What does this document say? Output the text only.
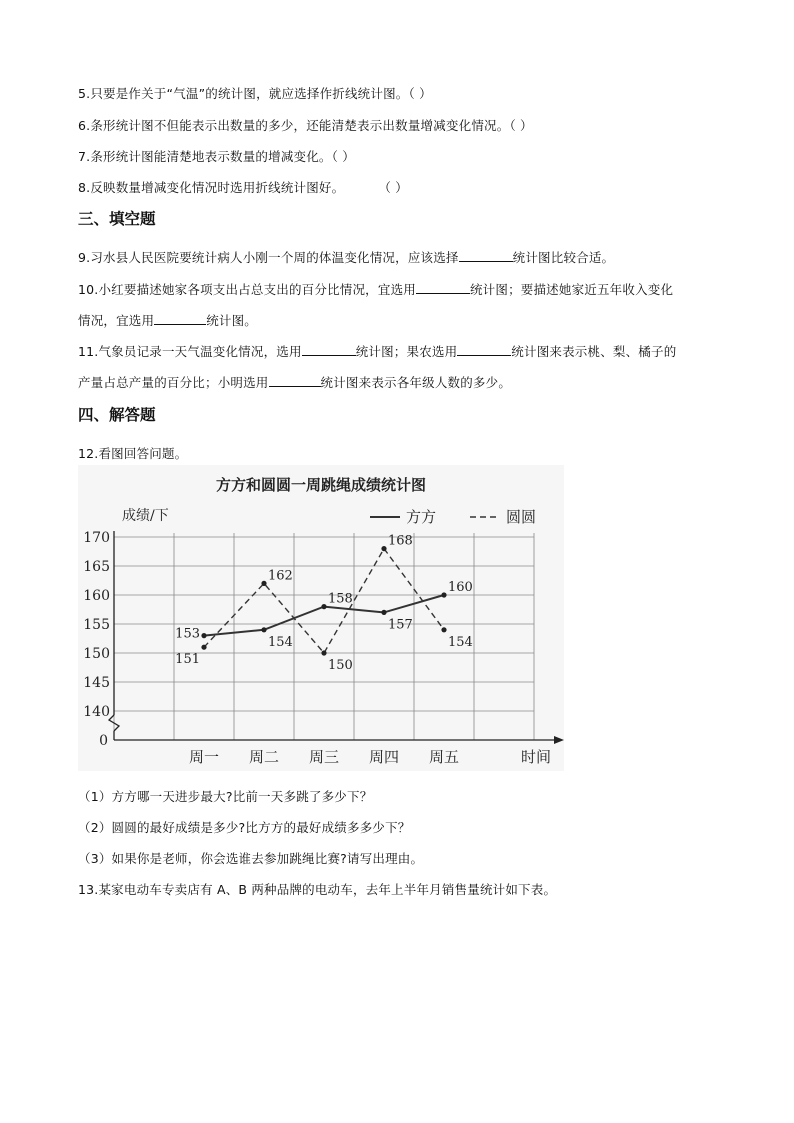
5.只要是作关于“气温”的统计图，就应选择作折线统计图。（ ）
6.条形统计图不但能表示出数量的多少，还能清楚表示出数量增减变化情况。（ ）
7.条形统计图能清楚地表示数量的增减变化。（ ）
8.反映数量增减变化情况时选用折线统计图好。	（ ）
三、填空题
9.习水县人民医院要统计病人小刚一个周的体温变化情况，应该选择	统计图比较合适。
10.小红要描述她家各项支出占总支出的百分比情况，宜选用	统计图；要描述她家近五年收入变化
情况，宜选用	统计图。
11.气象员记录一天气温变化情况，选用	统计图；果农选用	统计图来表示桃、梨、橘子的
产量占总产量的百分比；小明选用	统计图来表示各年级人数的多少。
四、解答题
12.看图回答问题。
方方和圆圆一周跳绳成绩统计图
140
145
150
155
160
165
170
0
周一 周二 周三 周四 周五
153
154
158
157
160
151
162
150
168
154
方方	圆圆
成绩/下
时间
（1）方方哪一天进步最大?比前一天多跳了多少下？
（2）圆圆的最好成绩是多少?比方方的最好成绩多多少下？
（3）如果你是老师，你会选谁去参加跳绳比赛?请写出理由。
13.某家电动车专卖店有 A、B 两种品牌的电动车，去年上半年月销售量统计如下表。
